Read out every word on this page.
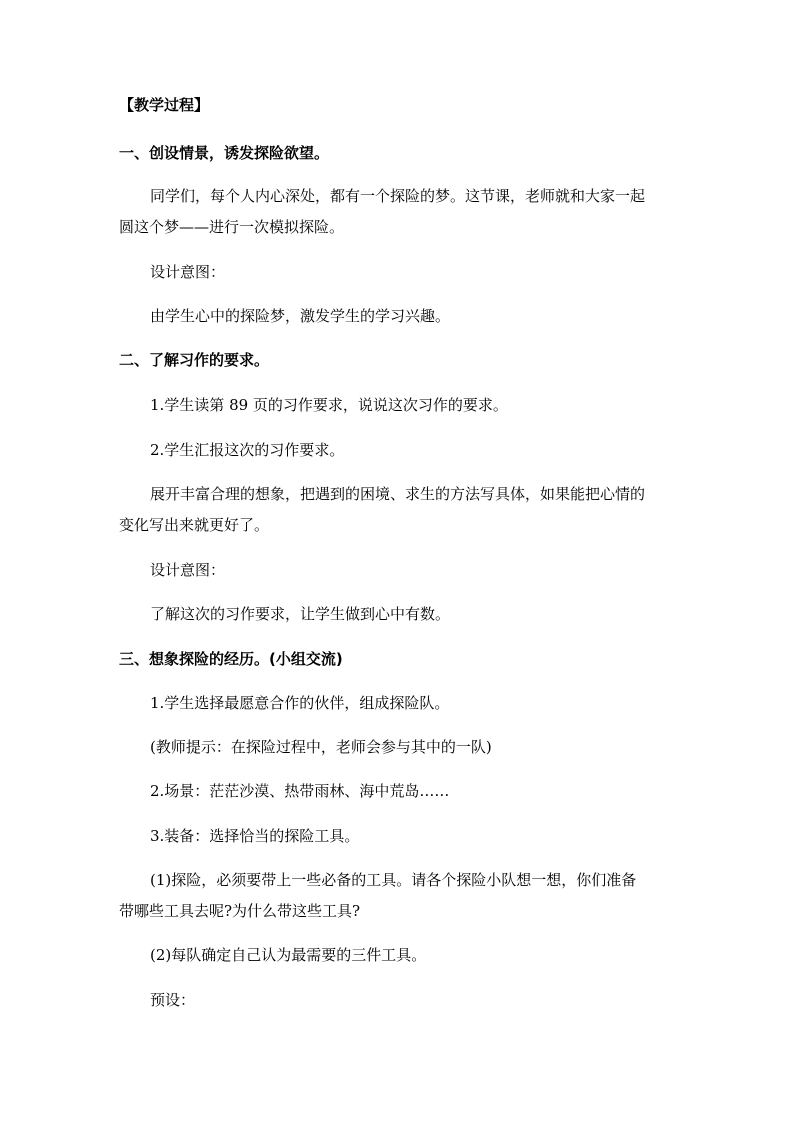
【教学过程】
一、创设情景，诱发探险欲望。
同学们，每个人内心深处，都有一个探险的梦。这节课，老师就和大家一起
圆这个梦——进行一次模拟探险。
设计意图：
由学生心中的探险梦，激发学生的学习兴趣。
二、了解习作的要求。
1.学生读第 89 页的习作要求，说说这次习作的要求。
2.学生汇报这次的习作要求。
展开丰富合理的想象，把遇到的困境、求生的方法写具体，如果能把心情的
变化写出来就更好了。
设计意图：
了解这次的习作要求，让学生做到心中有数。
三、想象探险的经历。(小组交流)
1.学生选择最愿意合作的伙伴，组成探险队。
(教师提示：在探险过程中，老师会参与其中的一队)
2.场景：茫茫沙漠、热带雨林、海中荒岛……
3.装备：选择恰当的探险工具。
(1)探险，必须要带上一些必备的工具。请各个探险小队想一想，你们准备
带哪些工具去呢?为什么带这些工具?
(2)每队确定自己认为最需要的三件工具。
预设：
